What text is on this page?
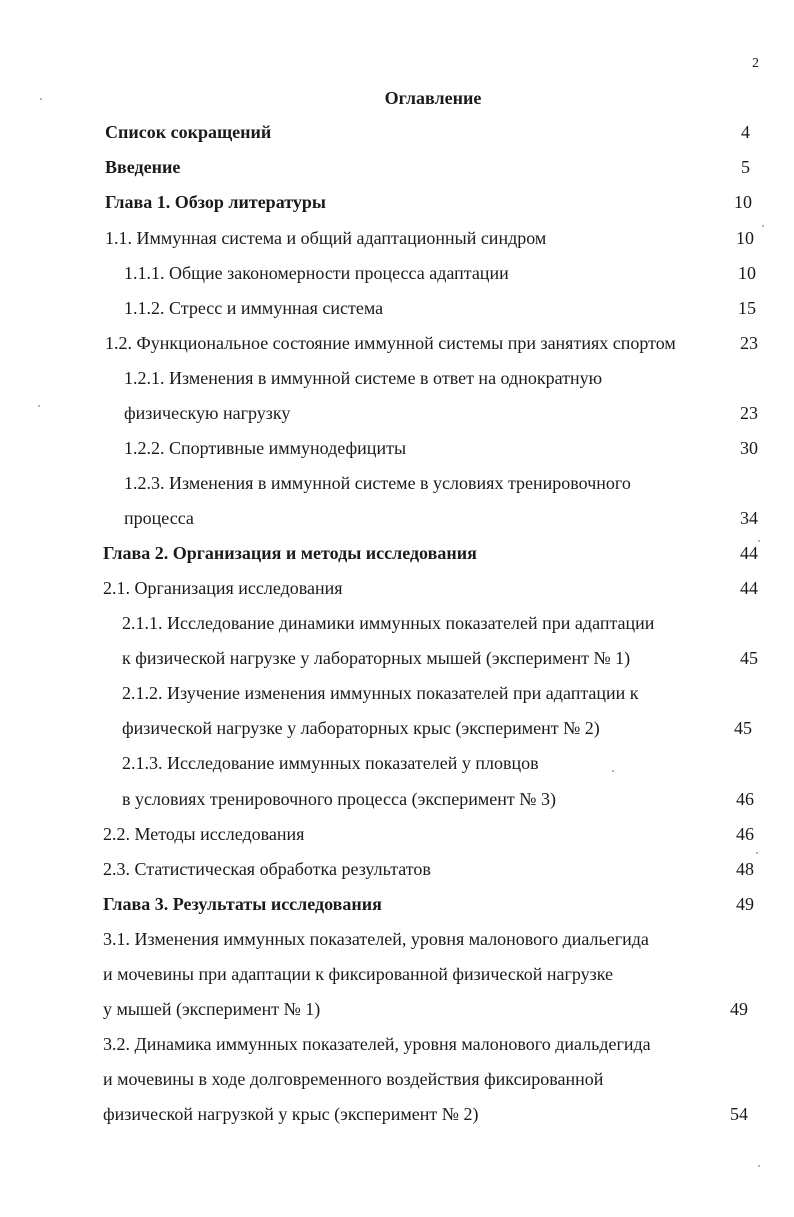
2
Оглавление
Список сокращений	4
Введение	5
Глава 1. Обзор литературы	10
1.1. Иммунная система и общий адаптационный синдром	10
1.1.1. Общие закономерности процесса адаптации	10
1.1.2. Стресс и иммунная система	15
1.2. Функциональное состояние иммунной системы при занятиях спортом	23
1.2.1. Изменения в иммунной системе в ответ на однократную
физическую нагрузку	23
1.2.2. Спортивные иммунодефициты	30
1.2.3. Изменения в иммунной системе в условиях тренировочного
процесса	34
Глава 2. Организация и методы исследования	44
2.1. Организация исследования	44
2.1.1. Исследование динамики иммунных показателей при адаптации
к физической нагрузке у лабораторных мышей (эксперимент № 1)	45
2.1.2. Изучение изменения иммунных показателей при адаптации к
физической нагрузке у лабораторных крыс (эксперимент № 2)	45
2.1.3. Исследование иммунных показателей у пловцов
в условиях тренировочного процесса (эксперимент № 3)	46
2.2. Методы исследования	46
2.3. Статистическая обработка результатов	48
Глава 3. Результаты исследования	49
3.1. Изменения иммунных показателей, уровня малонового диальегида
и мочевины при адаптации к фиксированной физической нагрузке
у мышей (эксперимент № 1)	49
3.2. Динамика иммунных показателей, уровня малонового диальдегида
и мочевины в ходе долговременного воздействия фиксированной
физической нагрузкой у крыс (эксперимент № 2)	54
